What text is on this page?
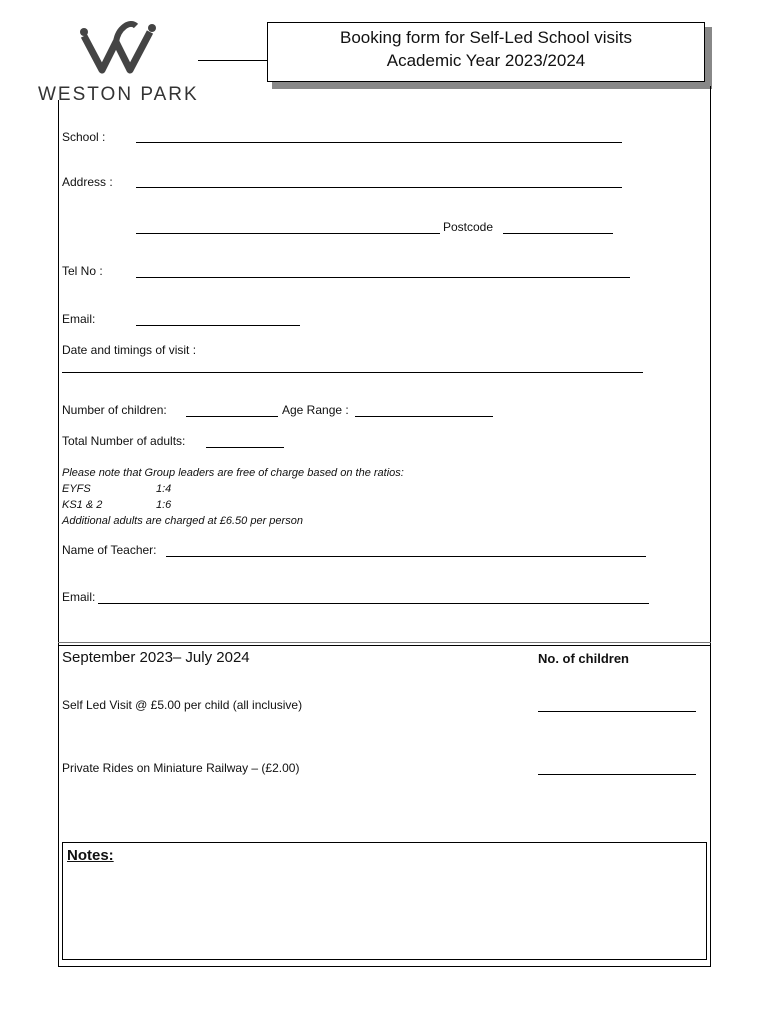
WESTON PARK
Booking form for Self-Led School visits
Academic Year 2023/2024
School :
Address :
Postcode
Tel No :
Email:
Date and timings of visit :
Number of children:	Age Range :
Total Number of adults:
Please note that Group leaders are free of charge based on the ratios:
EYFS	1:4
KS1 & 2	1:6
Additional adults are charged at £6.50 per person
Name of Teacher:
Email:
September 2023– July 2024	No. of children
Self Led Visit @ £5.00 per child (all inclusive)
Private Rides on Miniature Railway – (£2.00)
Notes:
